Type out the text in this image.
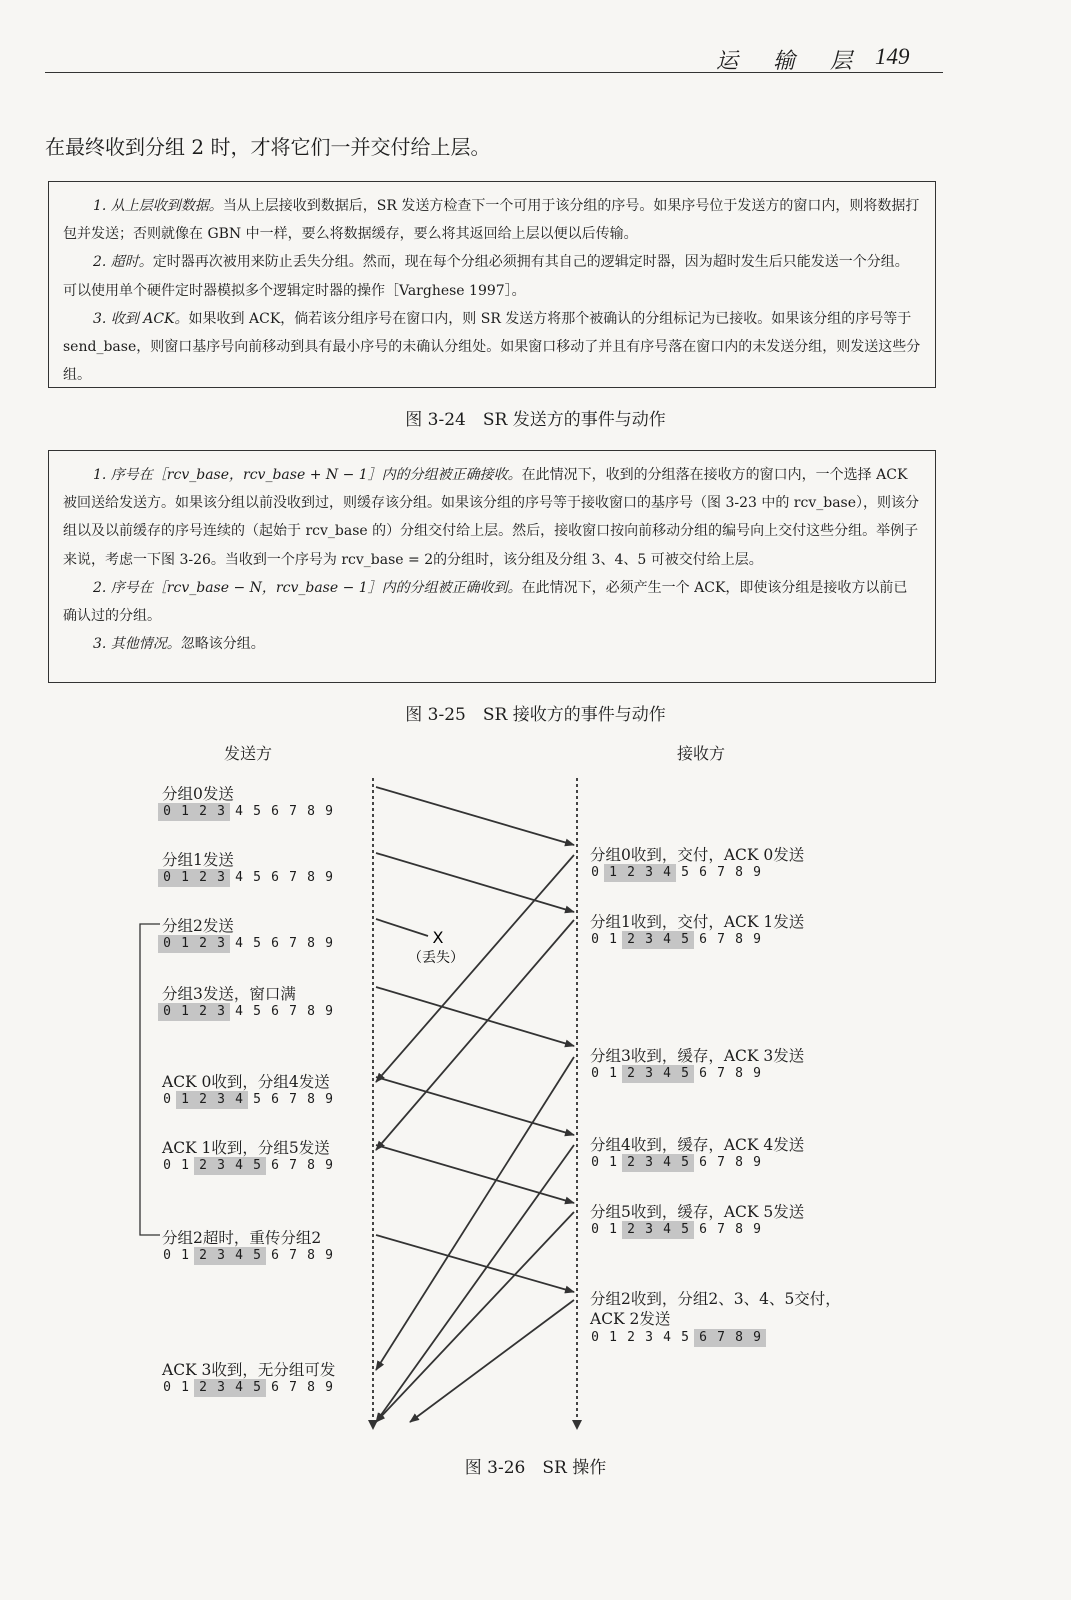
运 输 层 149
在最终收到分组 2 时，才将它们一并交付给上层。

1. 从上层收到数据。当从上层接收到数据后，SR 发送方检查下一个可用于该分组的序号。如果序号位于发送方的窗口内，则将数据打包并发送；否则就像在 GBN 中一样，要么将数据缓存，要么将其返回给上层以便以后传输。

2. 超时。定时器再次被用来防止丢失分组。然而，现在每个分组必须拥有其自己的逻辑定时器，因为超时发生后只能发送一个分组。可以使用单个硬件定时器模拟多个逻辑定时器的操作［Varghese 1997］。

3. 收到 ACK。如果收到 ACK，倘若该分组序号在窗口内，则 SR 发送方将那个被确认的分组标记为已接收。如果该分组的序号等于 send_base，则窗口基序号向前移动到具有最小序号的未确认分组处。如果窗口移动了并且有序号落在窗口内的未发送分组，则发送这些分组。

图 3-24　SR 发送方的事件与动作

1. 序号在［rcv_base，rcv_base + N − 1］内的分组被正确接收。在此情况下，收到的分组落在接收方的窗口内，一个选择 ACK 被回送给发送方。如果该分组以前没收到过，则缓存该分组。如果该分组的序号等于接收窗口的基序号（图 3-23 中的 rcv_base），则该分组以及以前缓存的序号连续的（起始于 rcv_base 的）分组交付给上层。然后，接收窗口按向前移动分组的编号向上交付这些分组。举例子来说，考虑一下图 3-26。当收到一个序号为 rcv_base = 2的分组时，该分组及分组 3、4、5 可被交付给上层。

2. 序号在［rcv_base − N，rcv_base − 1］内的分组被正确收到。在此情况下，必须产生一个 ACK，即使该分组是接收方以前已确认过的分组。

3. 其他情况。忽略该分组。

图 3-25　SR 接收方的事件与动作
发送方	接收方
X
（丢失）
分组0发送
0 1 2 3 4 5 6 7 8 9
分组1发送
0 1 2 3 4 5 6 7 8 9
分组2发送
0 1 2 3 4 5 6 7 8 9
分组3发送，窗口满
0 1 2 3 4 5 6 7 8 9
ACK 0收到，分组4发送
0 1 2 3 4 5 6 7 8 9
ACK 1收到，分组5发送
0 1 2 3 4 5 6 7 8 9
分组2超时，重传分组2
0 1 2 3 4 5 6 7 8 9
ACK 3收到，无分组可发
0 1 2 3 4 5 6 7 8 9
分组0收到，交付，ACK 0发送
0 1 2 3 4 5 6 7 8 9
分组1收到，交付，ACK 1发送
0 1 2 3 4 5 6 7 8 9
分组3收到，缓存，ACK 3发送
0 1 2 3 4 5 6 7 8 9
分组4收到，缓存，ACK 4发送
0 1 2 3 4 5 6 7 8 9
分组5收到，缓存，ACK 5发送
0 1 2 3 4 5 6 7 8 9
分组2收到，分组2、3、4、5交付，
ACK 2发送
0 1 2 3 4 5 6 7 8 9
图 3-26　SR 操作
